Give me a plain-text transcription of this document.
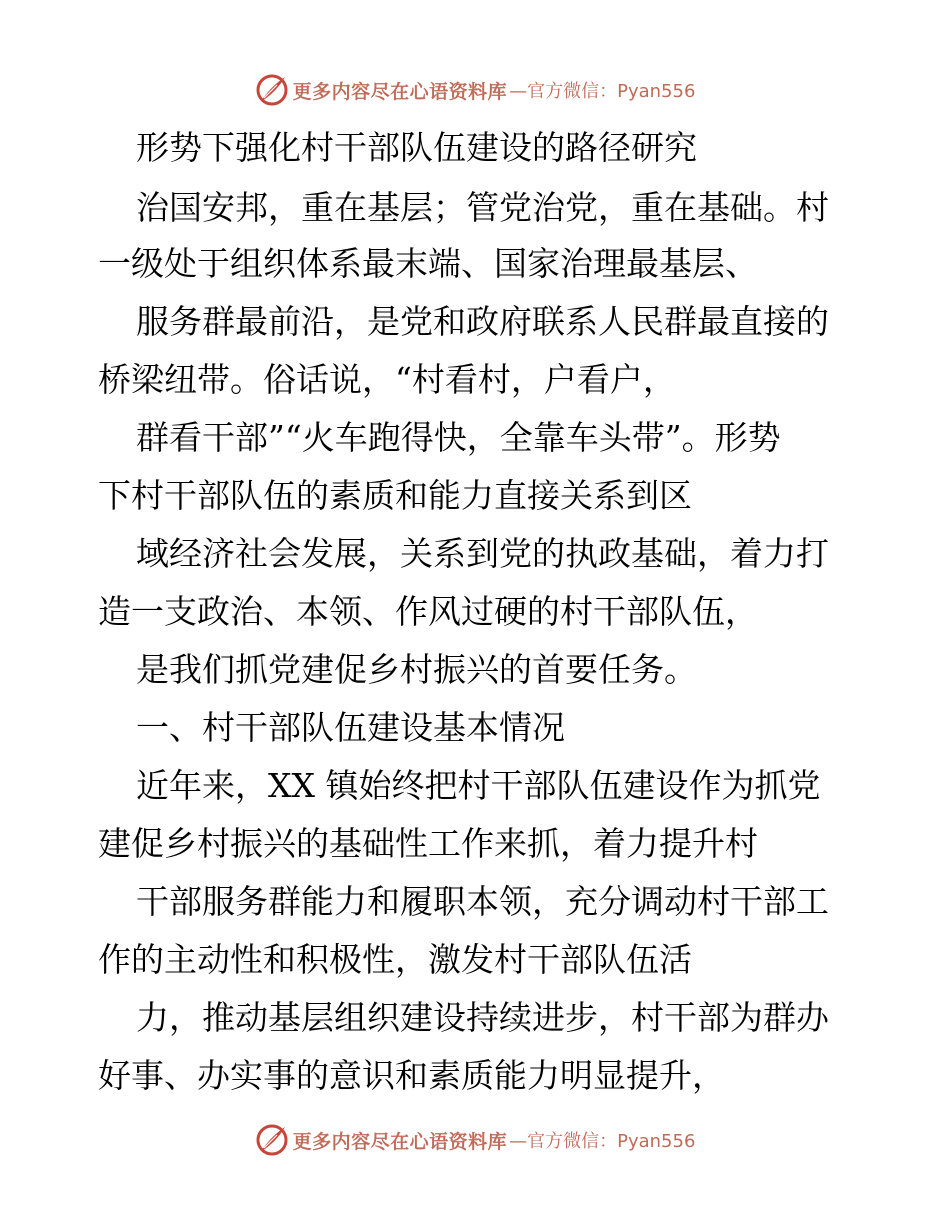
更多内容尽在心语资料库 —官方微信：Pyan556
形势下强化村干部队伍建设的路径研究
治国安邦，重在基层；管党治党，重在基础。村
一级处于组织体系最末端、国家治理最基层、
服务群最前沿，是党和政府联系人民群最直接的
桥梁纽带。俗话说，“村看村，户看户，
群看干部”“火车跑得快，全靠车头带”。形势
下村干部队伍的素质和能力直接关系到区
域经济社会发展，关系到党的执政基础，着力打
造一支政治、本领、作风过硬的村干部队伍，
是我们抓党建促乡村振兴的首要任务。
一、村干部队伍建设基本情况
近年来，XX 镇始终把村干部队伍建设作为抓党
建促乡村振兴的基础性工作来抓，着力提升村
干部服务群能力和履职本领，充分调动村干部工
作的主动性和积极性，激发村干部队伍活
力，推动基层组织建设持续进步，村干部为群办
好事、办实事的意识和素质能力明显提升，
更多内容尽在心语资料库 —官方微信：Pyan556
